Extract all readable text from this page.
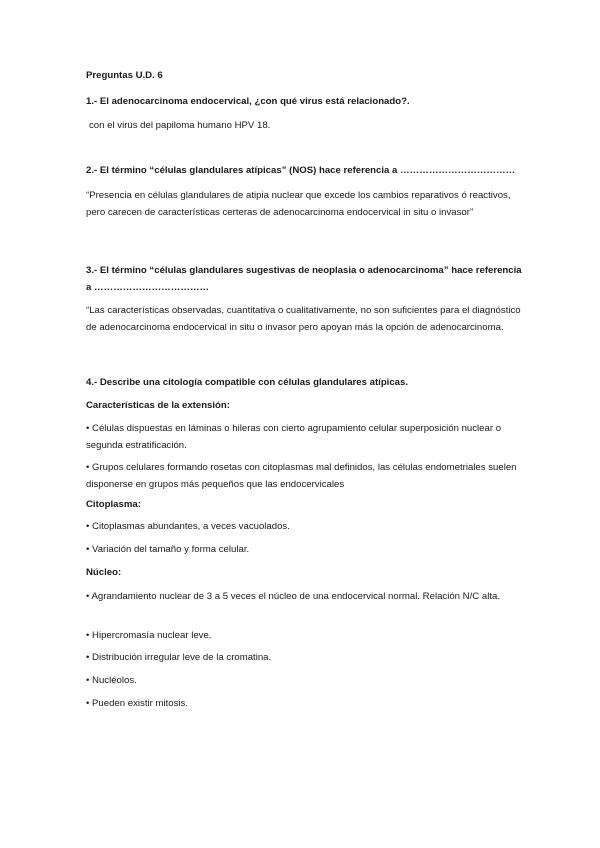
Preguntas U.D. 6

1.- El adenocarcinoma endocervical, ¿con qué virus está relacionado?.

con el virus del papiloma humano HPV 18.

2.- El término “células glandulares atípicas” (NOS) hace referencia a ………………………………

“Presencia en células glandulares de atipia nuclear que excede los cambios reparativos ó reactivos, pero carecen de características certeras de adenocarcinoma endocervical in situ o invasor”

3.- El término “células glandulares sugestivas de neoplasia o adenocarcinoma” hace referencia a ………………………………

“Las características observadas, cuantitativa o cualitativamente, no son suficientes para el diagnóstico de adenocarcinoma endocervical in situ o invasor pero apoyan más la opción de adenocarcinoma.

4.- Describe una citología compatible con células glandulares atípicas.

Características de la extensión:

• Células dispuestas en láminas o hileras con cierto agrupamiento celular superposición nuclear o segunda estratificación.

• Grupos celulares formando rosetas con citoplasmas mal definidos, las células endometriales suelen disponerse en grupos más pequeños que las endocervicales

Citoplasma:

• Citoplasmas abundantes, a veces vacuolados.

• Variación del tamaño y forma celular.

Núcleo:

• Agrandamiento nuclear de 3 a 5 veces el núcleo de una endocervical normal. Relación N/C alta.

• Hipercromasía nuclear leve.

• Distribución irregular leve de la cromatina.

• Nucléolos.

• Pueden existir mitosis.
